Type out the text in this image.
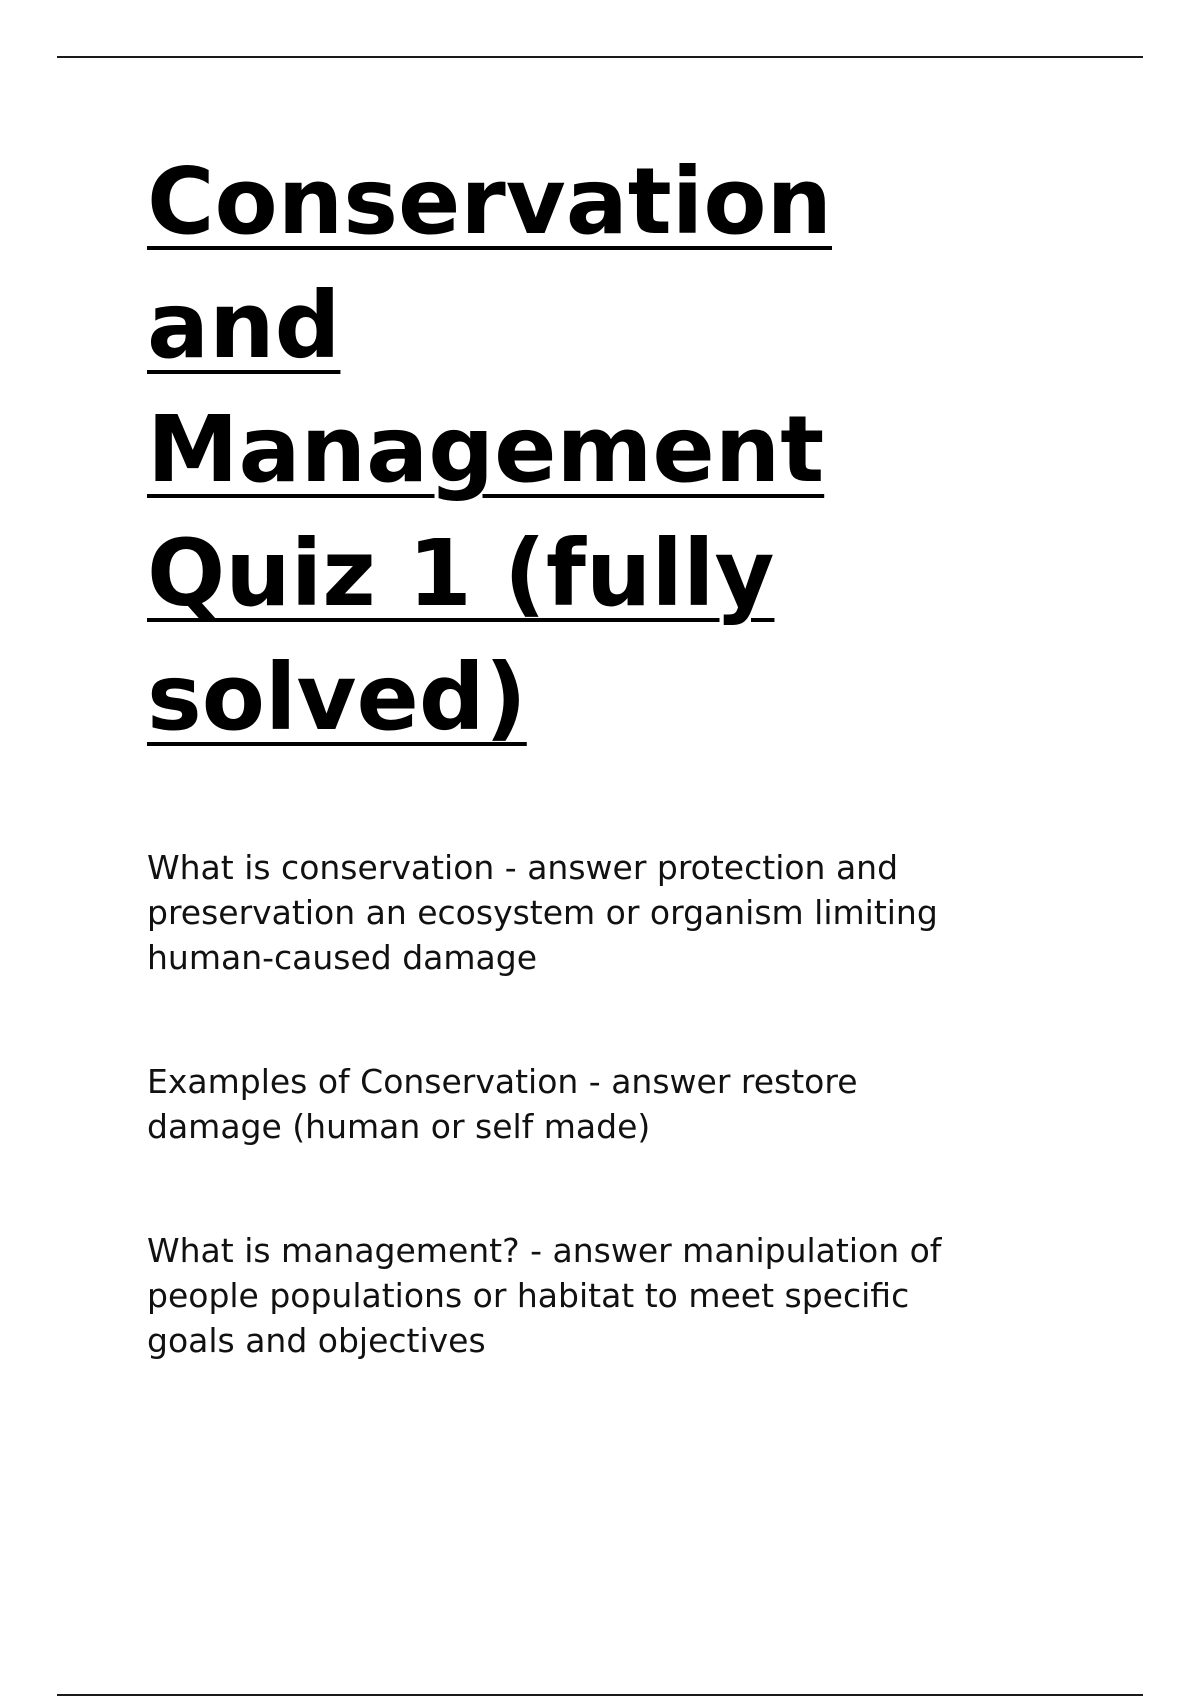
Conservation
and
Management
Quiz 1 (fully
solved)

What is conservation - answer protection and
preservation an ecosystem or organism limiting
human-caused damage

Examples of Conservation - answer restore
damage (human or self made)

What is management? - answer manipulation of
people populations or habitat to meet specific
goals and objectives
